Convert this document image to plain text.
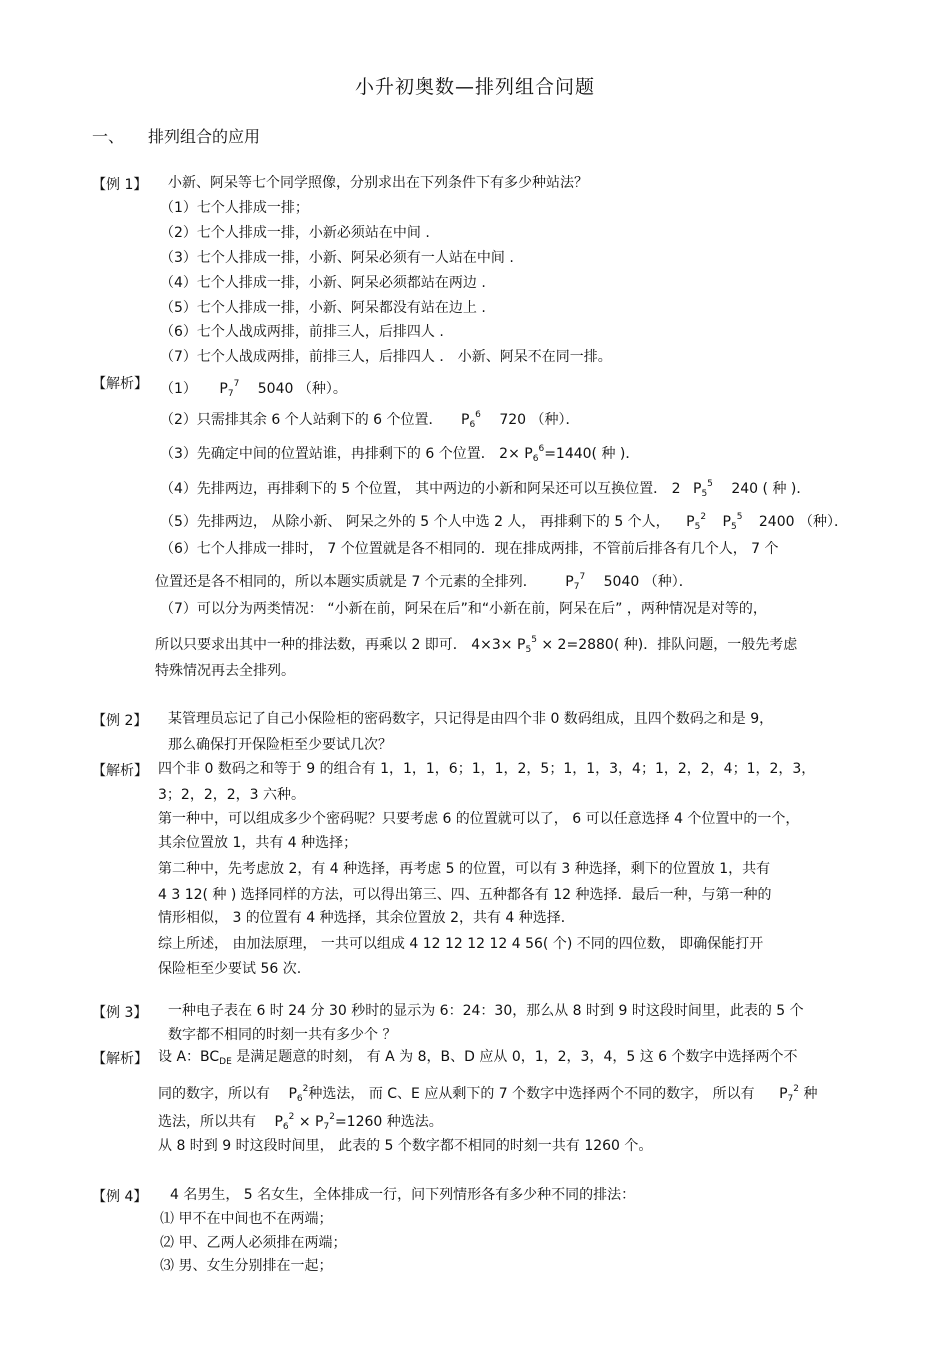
小升初奥数—排列组合问题
一、 排列组合的应用
【例 1】 小新、阿呆等七个同学照像，分别求出在下列条件下有多少种站法？
（1）七个人排成一排；
（2）七个人排成一排，小新必须站在中间 .
（3）七个人排成一排，小新、阿呆必须有一人站在中间 .
（4）七个人排成一排，小新、阿呆必须都站在两边 .
（5）七个人排成一排，小新、阿呆都没有站在边上 .
（6）七个人战成两排，前排三人，后排四人 .
（7）七个人战成两排，前排三人，后排四人 ． 小新、阿呆不在同一排。
【解析】 （1） $P_7^7$ 5040 （种）。
（2）只需排其余 6 个人站剩下的 6 个位置． $P_6^6$ 720 （种）．
（3）先确定中间的位置站谁，冉排剩下的 6 个位置． $2\times P_6^6=1440$( 种 )．
（4）先排两边，再排剩下的 5 个位置， 其中两边的小新和阿呆还可以互换位置． 2 $P_5^5$ 240 ( 种 )．
（5）先排两边， 从除小新、 阿呆之外的 5 个人中选 2 人， 再排剩下的 5 个人， $P_5^2$ $P_5^5$ 2400 （种）．
（6）七个人排成一排时， 7 个位置就是各不相同的．现在排成两排，不管前后排各有几个人， 7 个
位置还是各不相同的，所以本题实质就是 7 个元素的全排列． $P_7^7$ 5040 （种）．
（7）可以分为两类情况： “小新在前，阿呆在后”和“小新在前，阿呆在后” ，两种情况是对等的，
所以只要求出其中一种的排法数，再乘以 2 即可． $4\times 3\times P_5^5 \times 2=2880$( 种)．排队问题，一般先考虑
特殊情况再去全排列。
【例 2】 某管理员忘记了自己小保险柜的密码数字，只记得是由四个非 0 数码组成，且四个数码之和是 9，
那么确保打开保险柜至少要试几次？
【解析】 四个非 0 数码之和等于 9 的组合有 1，1，1，6；1，1，2，5；1，1，3，4；1，2，2，4；1，2，3，
3；2，2，2，3 六种。
第一种中，可以组成多少个密码呢？只要考虑 6 的位置就可以了， 6 可以任意选择 4 个位置中的一个，
其余位置放 1，共有 4 种选择；
第二种中，先考虑放 2，有 4 种选择，再考虑 5 的位置，可以有 3 种选择，剩下的位置放 1，共有
4 3 12( 种 ) 选择同样的方法，可以得出第三、四、五种都各有 12 种选择．最后一种，与第一种的
情形相似， 3 的位置有 4 种选择，其余位置放 2，共有 4 种选择．
综上所述， 由加法原理， 一共可以组成 4 12 12 12 12 4 56( 个) 不同的四位数， 即确保能打开
保险柜至少要试 56 次.
【例 3】 一种电子表在 6 时 24 分 30 秒时的显示为 6：24：30，那么从 8 时到 9 时这段时间里，此表的 5 个
数字都不相同的时刻一共有多少个 ？
【解析】 设 A：$BC_{DE}$ 是满足题意的时刻， 有 A 为 8，B、D 应从 0，1，2，3，4，5 这 6 个数字中选择两个不
同的数字，所以有 $P_6^2$种选法， 而 C、E 应从剩下的 7 个数字中选择两个不同的数字， 所以有 $P_7^2$ 种
选法，所以共有 $P_6^2 \times P_7^2=1260$ 种选法。
从 8 时到 9 时这段时间里， 此表的 5 个数字都不相同的时刻一共有 1260 个。
【例 4】 4 名男生， 5 名女生，全体排成一行，问下列情形各有多少种不同的排法：
⑴ 甲不在中间也不在两端；
⑵ 甲、乙两人必须排在两端；
⑶ 男、女生分别排在一起；
